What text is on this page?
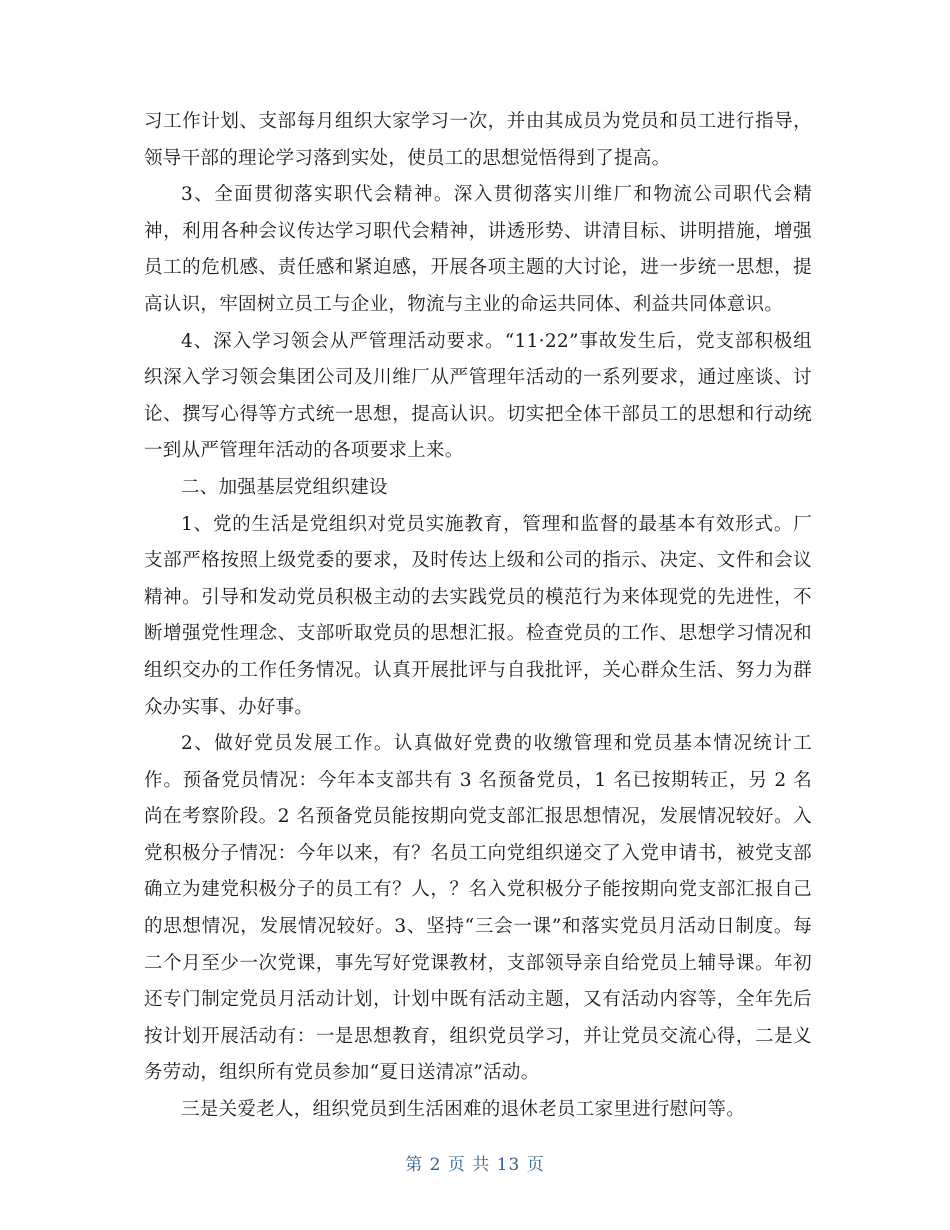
习工作计划、支部每月组织大家学习一次，并由其成员为党员和员工进行指导，领导干部的理论学习落到实处，使员工的思想觉悟得到了提高。

3、全面贯彻落实职代会精神。深入贯彻落实川维厂和物流公司职代会精神，利用各种会议传达学习职代会精神，讲透形势、讲清目标、讲明措施，增强员工的危机感、责任感和紧迫感，开展各项主题的大讨论，进一步统一思想，提高认识，牢固树立员工与企业，物流与主业的命运共同体、利益共同体意识。

4、深入学习领会从严管理活动要求。“11·22”事故发生后，党支部积极组织深入学习领会集团公司及川维厂从严管理年活动的一系列要求，通过座谈、讨论、撰写心得等方式统一思想，提高认识。切实把全体干部员工的思想和行动统一到从严管理年活动的各项要求上来。

二、加强基层党组织建设

1、党的生活是党组织对党员实施教育，管理和监督的最基本有效形式。厂支部严格按照上级党委的要求，及时传达上级和公司的指示、决定、文件和会议精神。引导和发动党员积极主动的去实践党员的模范行为来体现党的先进性，不断增强党性理念、支部听取党员的思想汇报。检查党员的工作、思想学习情况和组织交办的工作任务情况。认真开展批评与自我批评，关心群众生活、努力为群众办实事、办好事。

2、做好党员发展工作。认真做好党费的收缴管理和党员基本情况统计工作。预备党员情况：今年本支部共有 3 名预备党员，1 名已按期转正，另 2 名尚在考察阶段。2 名预备党员能按期向党支部汇报思想情况，发展情况较好。入党积极分子情况：今年以来，有？名员工向党组织递交了入党申请书，被党支部确立为建党积极分子的员工有？人，？名入党积极分子能按期向党支部汇报自己的思想情况，发展情况较好。3、坚持“三会一课”和落实党员月活动日制度。每二个月至少一次党课，事先写好党课教材，支部领导亲自给党员上辅导课。年初还专门制定党员月活动计划，计划中既有活动主题，又有活动内容等，全年先后按计划开展活动有：一是思想教育，组织党员学习，并让党员交流心得，二是义务劳动，组织所有党员参加“夏日送清凉”活动。

三是关爱老人，组织党员到生活困难的退休老员工家里进行慰问等。

第 2 页 共 13 页
